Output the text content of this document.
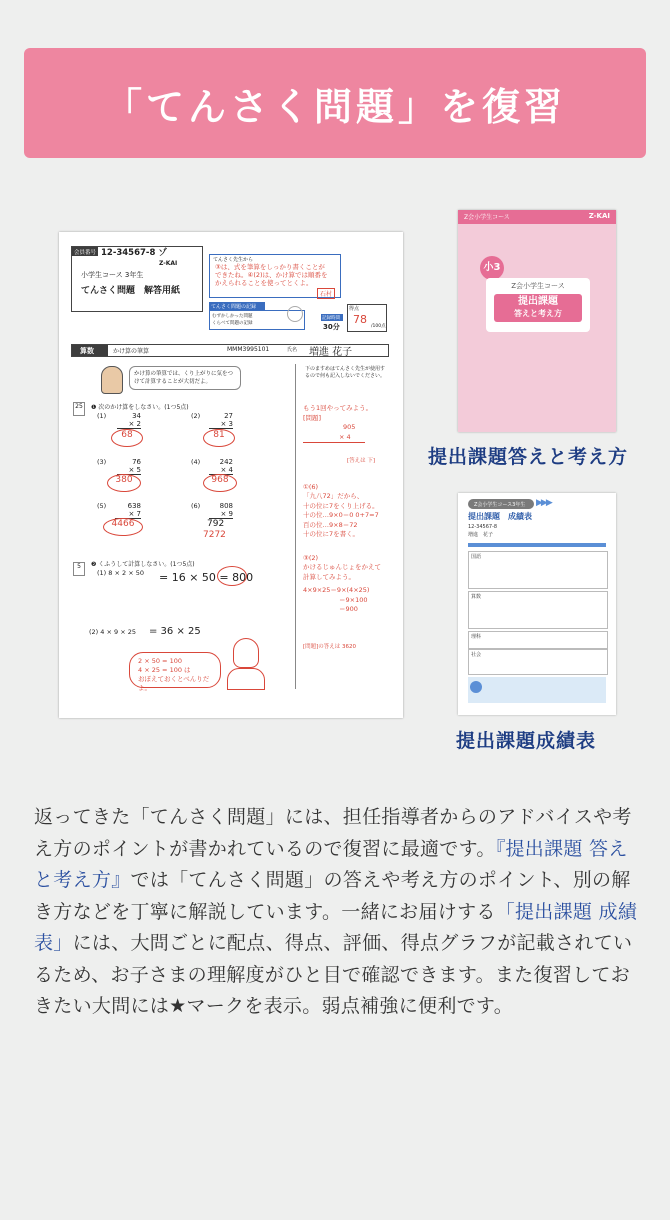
「てんさく問題」を復習
会員番号 12-34567-8 ゾ
Z-KAI
小学生コース 3年生
てんさく問題　解答用紙
てんさく先生から
③は、式を筆算をしっかり書くことが
できたね。④(2)は、かけ算では順番を
かえられることを使ってとくよ。
石村
てんさく問題の記録
むずかしかった問題
くらべて問題の記録
記録時間
30分
得点
78
/100点
算数	かけ算の筆算	MMM3995101	氏名 増進 花子
かけ算の筆算では、くり上がりに気をつけて計算することが大切だよ。
下のますめはてんさく先生が使用するので何も記入しないでください。
25	❶ 次のかけ算をしなさい。(1つ5点)
(1)	34
× 2
68
(2)	27
× 3
81
(3)	76
× 5
380
(4)	242
× 4
968
(5)	638
× 7
4466
(6)	808
× 9
792
7272
5	❷ くふうして計算しなさい。(1つ5点)
(1) 8 × 2 × 50 = 16 × 50 = 800
(2) 4 × 9 × 25 = 36 × 25
2 × 50 = 100
4 × 25 = 100 は
おぼえておくとべんりだよ。
もう1回やってみよう。
[問題]
905
× 4
[答えは 下]
①(6)
「九八72」だから、
十の位に7をくり上げる。
十の位…9×0＝0 0+7=7
百の位…9×8＝72
十の位に7を書く。
③(2)
かけるじゅんじょをかえて
計算してみよう。
4×9×25＝9×(4×25)
＝9×100
＝900
[問題]の答えは 3620
Z会小学生コース	Z-KAI
小3
Z会小学生コース
提出課題
答えと考え方
提出課題答えと考え方
Z会小学生コース3年生	▶▶▶
提出課題　成績表
12-34567-8
増進　花子
国語
算数
理科
社会
提出課題成績表
返ってきた「てんさく問題」には、担任指導者からのアドバイスや考え方のポイントが書かれているので復習に最適です。『提出課題 答えと考え方』では「てんさく問題」の答えや考え方のポイント、別の解き方などを丁寧に解説しています。一緒にお届けする「提出課題 成績表」には、大問ごとに配点、得点、評価、得点グラフが記載されているため、お子さまの理解度がひと目で確認できます。また復習しておきたい大問には★マークを表示。弱点補強に便利です。
